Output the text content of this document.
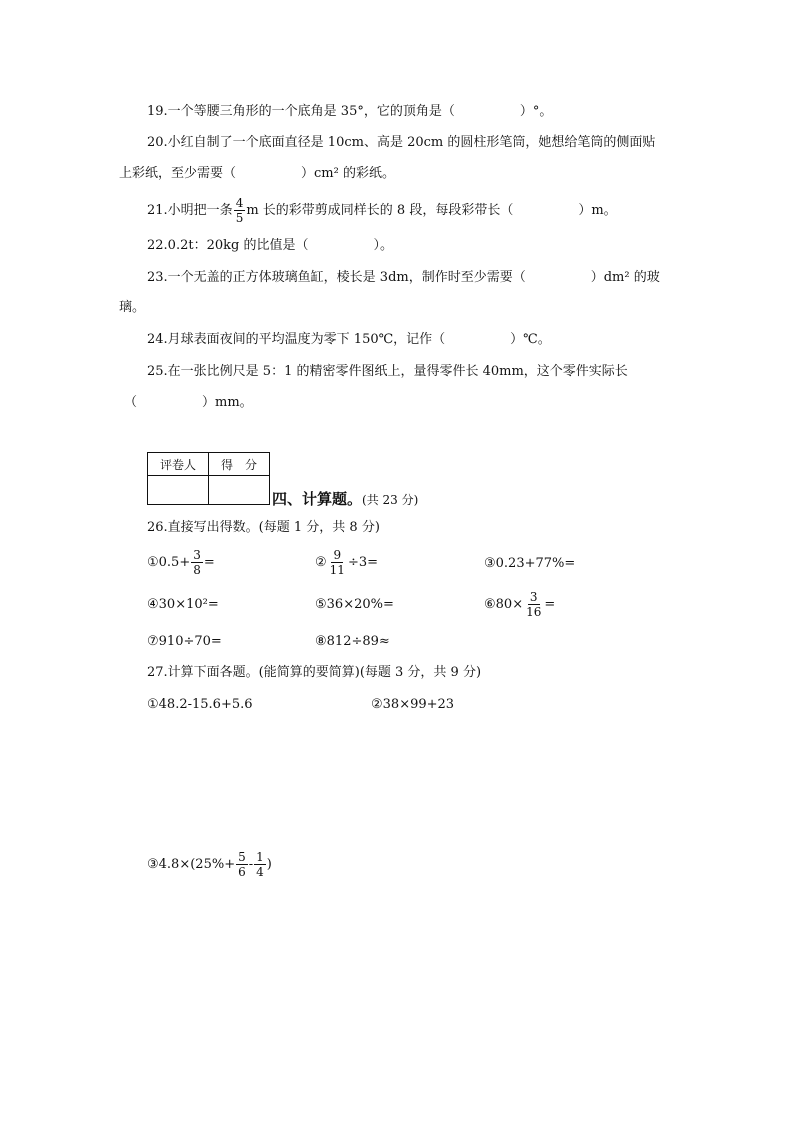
19.一个等腰三角形的一个底角是 35°，它的顶角是（　　　　　）°。
20.小红自制了一个底面直径是 10cm、高是 20cm 的圆柱形笔筒，她想给笔筒的侧面贴
上彩纸，至少需要（　　　　　）cm² 的彩纸。
21.小明把一条 $\frac{4}{5}$ m 长的彩带剪成同样长的 8 段，每段彩带长（　　　　　）m。
22.0.2t：20kg 的比值是（　　　　　）。
23.一个无盖的正方体玻璃鱼缸，棱长是 3dm，制作时至少需要（　　　　　）dm² 的玻
璃。
24.月球表面夜间的平均温度为零下 150℃，记作（　　　　　）℃。
25.在一张比例尺是 5：1 的精密零件图纸上，量得零件长 40mm，这个零件实际长
（　　　　　）mm。
评卷人	得　分

四、计算题。(共 23 分)
26.直接写出得数。(每题 1 分，共 8 分)
①0.5+ $\frac{3}{8}$ =	② $\frac{9}{11} \div 3=$	③0.23+77%=
④30×10²=	⑤36×20%=	⑥80× $\frac{3}{16}$ =
⑦910÷70=	⑧812÷89≈
27.计算下面各题。(能简算的要简算)(每题 3 分，共 9 分)
①48.2-15.6+5.6	②38×99+23
③4.8×(25%+ $\frac{5}{6} - \frac{1}{4}$ )
